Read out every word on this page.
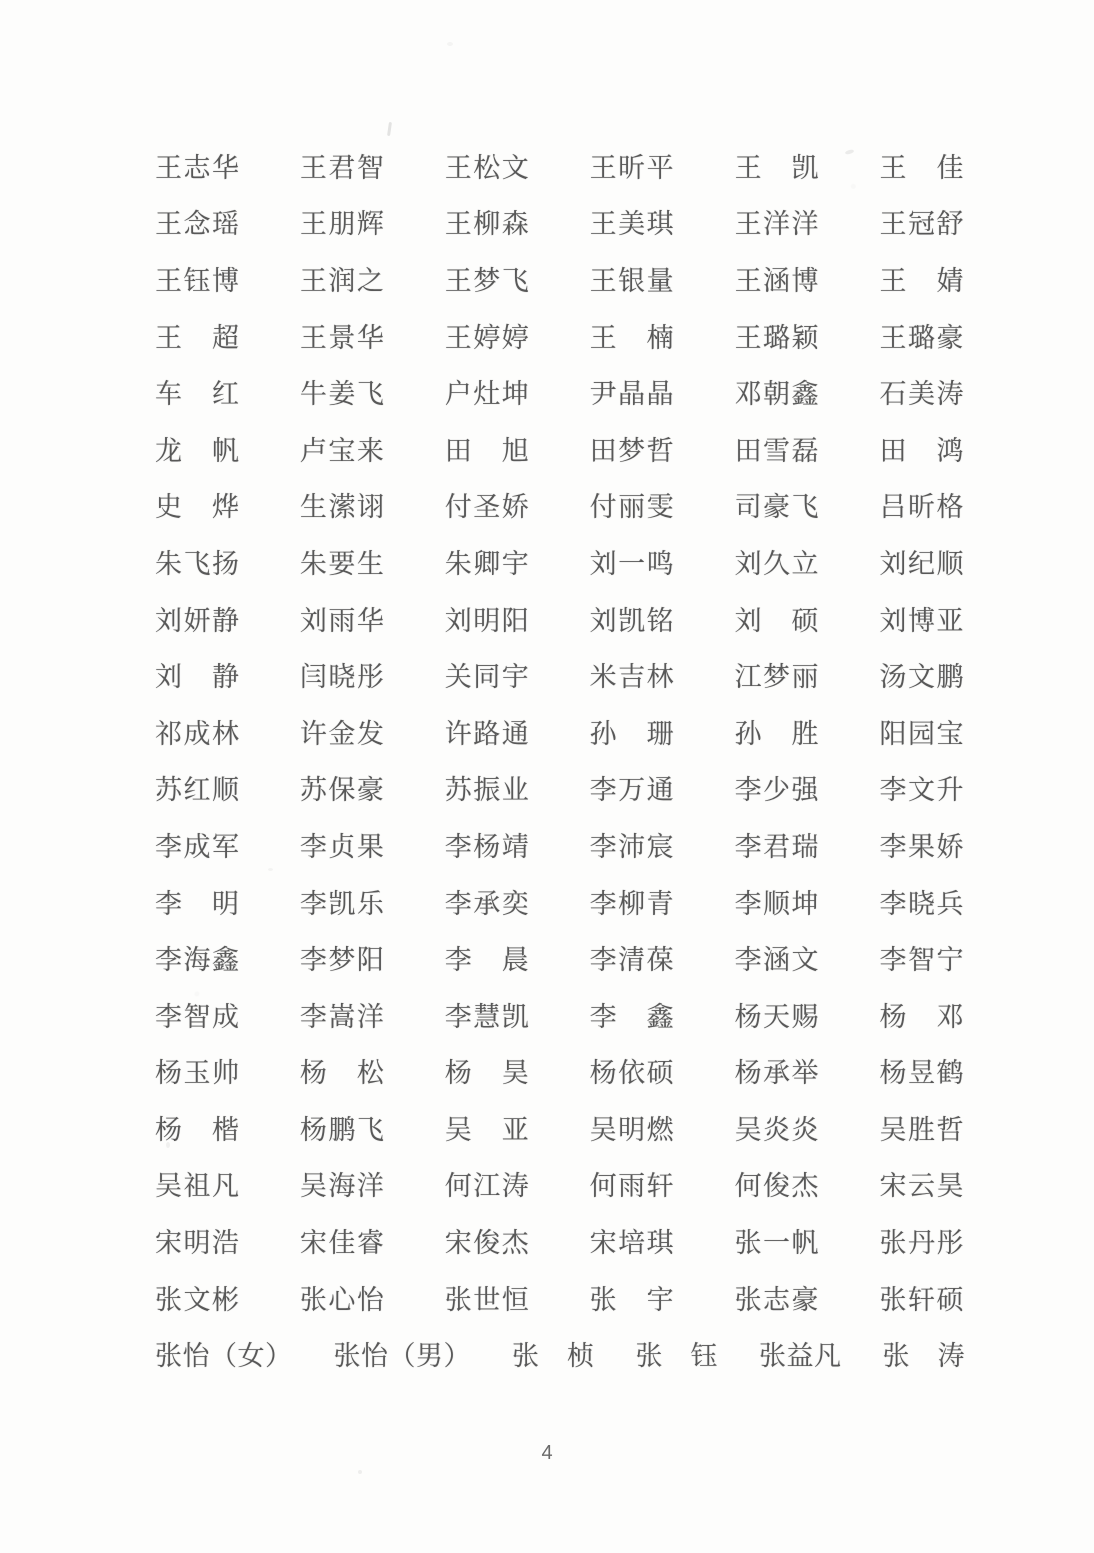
王志华 王君智 王松文 王昕平 王　凯 王　佳
王念瑶 王朋辉 王柳森 王美琪 王洋洋 王冠舒
王钰博 王润之 王梦飞 王银量 王涵博 王　婧
王　超 王景华 王婷婷 王　楠 王璐颖 王璐豪
车　红 牛姜飞 户灶坤 尹晶晶 邓朝鑫 石美涛
龙　帆 卢宝来 田　旭 田梦哲 田雪磊 田　鸿
史　烨 生潆诩 付圣娇 付丽雯 司豪飞 吕昕格
朱飞扬 朱要生 朱卿宇 刘一鸣 刘久立 刘纪顺
刘妍静 刘雨华 刘明阳 刘凯铭 刘　硕 刘博亚
刘　静 闫晓彤 关同宇 米吉林 江梦丽 汤文鹏
祁成林 许金发 许路通 孙　珊 孙　胜 阳园宝
苏红顺 苏保豪 苏振业 李万通 李少强 李文升
李成军 李贞果 李杨靖 李沛宸 李君瑞 李果娇
李　明 李凯乐 李承奕 李柳青 李顺坤 李晓兵
李海鑫 李梦阳 李　晨 李清葆 李涵文 李智宁
李智成 李嵩洋 李慧凯 李　鑫 杨天赐 杨　邓
杨玉帅 杨　松 杨　昊 杨依硕 杨承举 杨昱鹤
杨　楷 杨鹏飞 吴　亚 吴明燃 吴炎炎 吴胜哲
吴祖凡 吴海洋 何江涛 何雨轩 何俊杰 宋云昊
宋明浩 宋佳睿 宋俊杰 宋培琪 张一帆 张丹彤
张文彬 张心怡 张世恒 张　宇 张志豪 张轩硕
张怡（女） 张怡（男） 张　桢 张　钰 张益凡 张　涛
4
